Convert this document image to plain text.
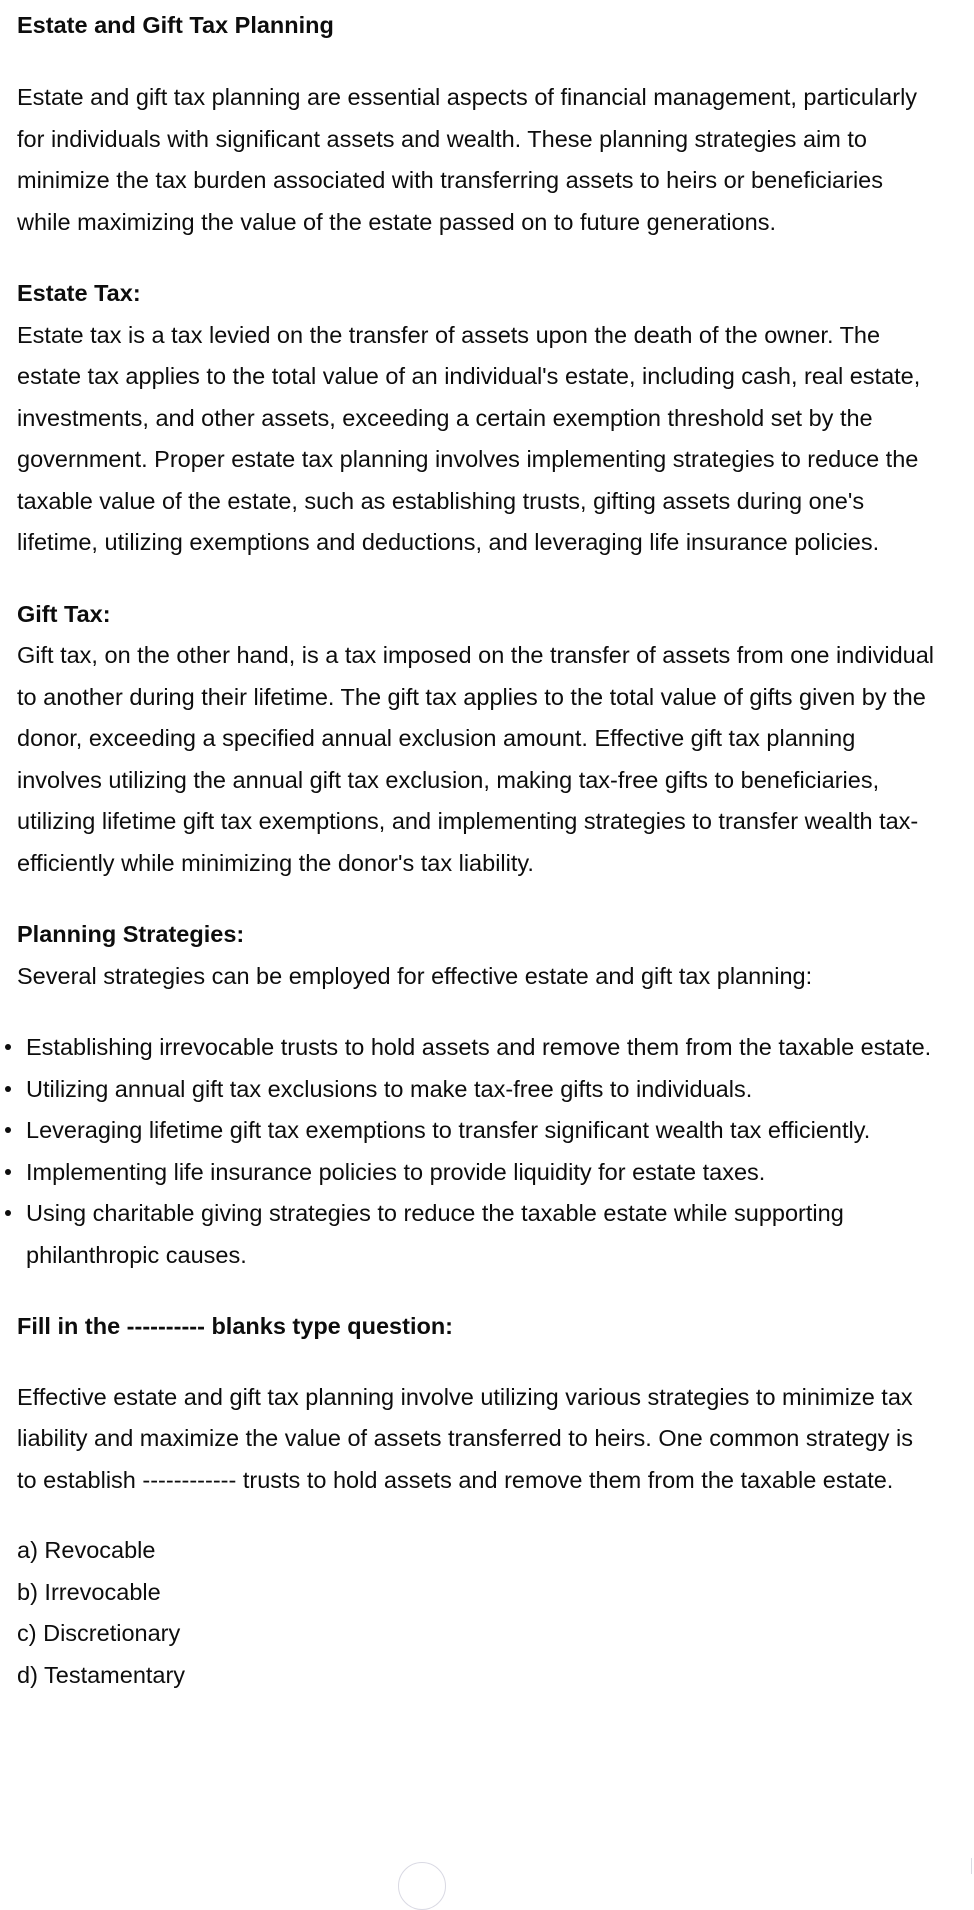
Estate and Gift Tax Planning

Estate and gift tax planning are essential aspects of financial management, particularly for individuals with significant assets and wealth. These planning strategies aim to minimize the tax burden associated with transferring assets to heirs or beneficiaries while maximizing the value of the estate passed on to future generations.

Estate Tax:

Estate tax is a tax levied on the transfer of assets upon the death of the owner. The estate tax applies to the total value of an individual's estate, including cash, real estate, investments, and other assets, exceeding a certain exemption threshold set by the government. Proper estate tax planning involves implementing strategies to reduce the taxable value of the estate, such as establishing trusts, gifting assets during one's lifetime, utilizing exemptions and deductions, and leveraging life insurance policies.

Gift Tax:

Gift tax, on the other hand, is a tax imposed on the transfer of assets from one individual to another during their lifetime. The gift tax applies to the total value of gifts given by the donor, exceeding a specified annual exclusion amount. Effective gift tax planning involves utilizing the annual gift tax exclusion, making tax-free gifts to beneficiaries, utilizing lifetime gift tax exemptions, and implementing strategies to transfer wealth tax-efficiently while minimizing the donor's tax liability.

Planning Strategies:

Several strategies can be employed for effective estate and gift tax planning:

Establishing irrevocable trusts to hold assets and remove them from the taxable estate.
Utilizing annual gift tax exclusions to make tax-free gifts to individuals.
Leveraging lifetime gift tax exemptions to transfer significant wealth tax efficiently.
Implementing life insurance policies to provide liquidity for estate taxes.
Using charitable giving strategies to reduce the taxable estate while supporting philanthropic causes.
Fill in the ---------- blanks type question:

Effective estate and gift tax planning involve utilizing various strategies to minimize tax liability and maximize the value of assets transferred to heirs. One common strategy is to establish ------------ trusts to hold assets and remove them from the taxable estate.

a) Revocable
b) Irrevocable
c) Discretionary
d) Testamentary
